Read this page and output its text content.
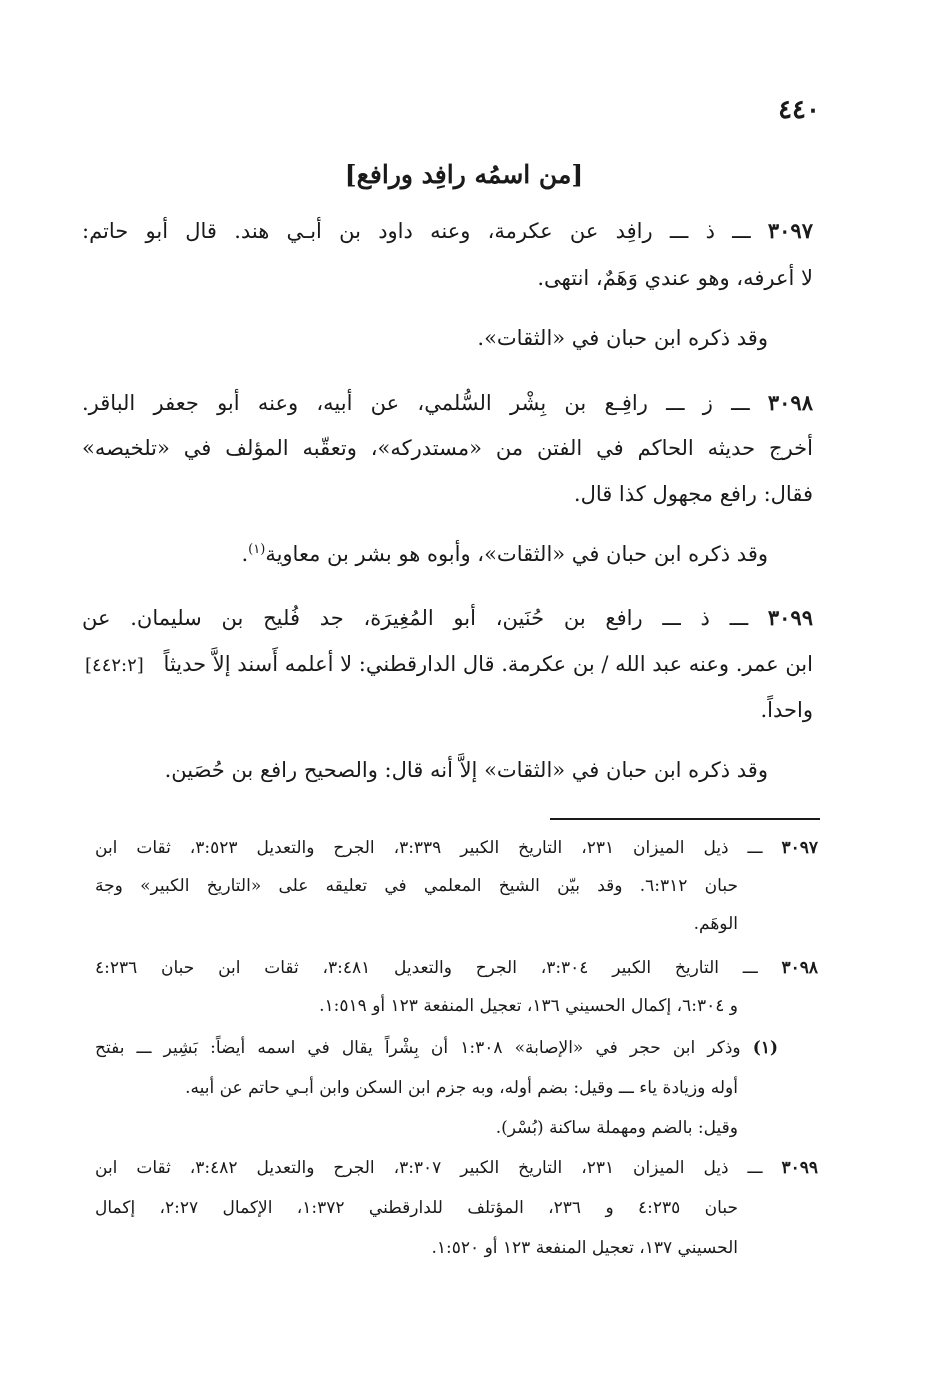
٤٤٠
[من اسمُه رافِد ورافع]
٣٠٩٧ ـــ ذ ـــ رافِد عن عكرمة، وعنه داود بن أبـي هند. قال أبو حاتم:
لا أعرفه، وهو عندي وَهَمٌ، انتهى.
وقد ذكره ابن حبان في «الثقات».
٣٠٩٨ ـــ ز ـــ رافِـع بن بِشْر السُّلمي، عن أبيه، وعنه أبو جعفر الباقر.
أخرج حديثه الحاكم في الفتن من «مستدركه»، وتعقّبه المؤلف في «تلخيصه»
فقال: رافع مجهول كذا قال.
وقد ذكره ابن حبان في «الثقات»، وأبوه هو بشر بن معاوية$^{(١)}$.
٣٠٩٩ ـــ ذ ـــ رافع بن حُنَين، أبو المُغِيرَة، جد فُليح بن سليمان. عن
ابن عمر. وعنه عبد الله / بن عكرمة. قال الدارقطني: لا أعلمه أَسند إلاَّ حديثاً
[٤٤٢:٢]
واحداً.
وقد ذكره ابن حبان في «الثقات» إلاَّ أنه قال: والصحيح رافع بن حُصَين.
٣٠٩٧ ـــ ذيل الميزان ٢٣١، التاريخ الكبير ٣:٣٣٩، الجرح والتعديل ٣:٥٢٣، ثقات ابن
حبان ٦:٣١٢. وقد بيّن الشيخ المعلمي في تعليقه على «التاريخ الكبير» وجهَ
الوهَم.
٣٠٩٨ ـــ التاريخ الكبير ٣:٣٠٤، الجرح والتعديل ٣:٤٨١، ثقات ابن حبان ٤:٢٣٦
و ٦:٣٠٤، إكمال الحسيني ١٣٦، تعجيل المنفعة ١٢٣ أو ١:٥١٩.
(١) وذكر ابن حجر في «الإصابة» ١:٣٠٨ أن بِشْراً يقال في اسمه أيضاً: بَشِير ـــ بفتح
أوله وزيادة ياء ـــ وقيل: بضم أوله، وبه جزم ابن السكن وابن أبـي حاتم عن أبيه.
وقيل: بالضم ومهملة ساكنة (بُسْر).
٣٠٩٩ ـــ ذيل الميزان ٢٣١، التاريخ الكبير ٣:٣٠٧، الجرح والتعديل ٣:٤٨٢، ثقات ابن
حبان ٤:٢٣٥ و ٢٣٦، المؤتلف للدارقطني ١:٣٧٢، الإكمال ٢:٢٧، إكمال
الحسيني ١٣٧، تعجيل المنفعة ١٢٣ أو ١:٥٢٠.
